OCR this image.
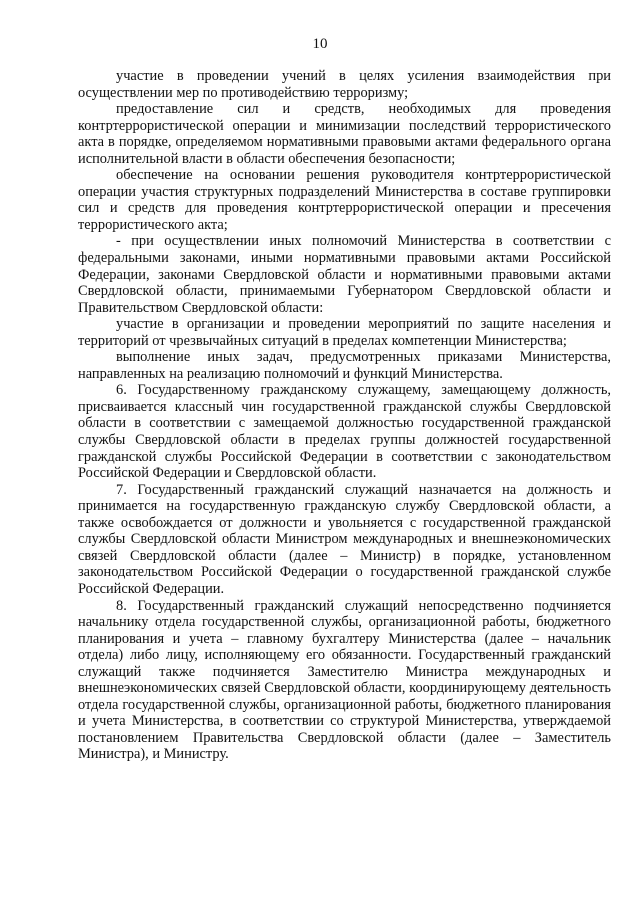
10

участие в проведении учений в целях усиления взаимодействия при осуществлении мер по противодействию терроризму;

предоставление сил и средств, необходимых для проведения контртеррористической операции и минимизации последствий террористического акта в порядке, определяемом нормативными правовыми актами федерального органа исполнительной власти в области обеспечения безопасности;

обеспечение на основании решения руководителя контртеррористической операции участия структурных подразделений Министерства в составе группировки сил и средств для проведения контртеррористической операции и пресечения террористического акта;

- при осуществлении иных полномочий Министерства в соответствии с федеральными законами, иными нормативными правовыми актами Российской Федерации, законами Свердловской области и нормативными правовыми актами Свердловской области, принимаемыми Губернатором Свердловской области и Правительством Свердловской области:

участие в организации и проведении мероприятий по защите населения и территорий от чрезвычайных ситуаций в пределах компетенции Министерства;

выполнение иных задач, предусмотренных приказами Министерства, направленных на реализацию полномочий и функций Министерства.

6. Государственному гражданскому служащему, замещающему должность, присваивается классный чин государственной гражданской службы Свердловской области в соответствии с замещаемой должностью государственной гражданской службы Свердловской области в пределах группы должностей государственной гражданской службы Российской Федерации в соответствии с законодательством Российской Федерации и Свердловской области.

7. Государственный гражданский служащий назначается на должность и принимается на государственную гражданскую службу Свердловской области, а также освобождается от должности и увольняется с государственной гражданской службы Свердловской области Министром международных и внешнеэкономических связей Свердловской области (далее – Министр) в порядке, установленном законодательством Российской Федерации о государственной гражданской службе Российской Федерации.

8. Государственный гражданский служащий непосредственно подчиняется начальнику отдела государственной службы, организационной работы, бюджетного планирования и учета – главному бухгалтеру Министерства (далее – начальник отдела) либо лицу, исполняющему его обязанности. Государственный гражданский служащий также подчиняется Заместителю Министра международных и внешнеэкономических связей Свердловской области, координирующему деятельность отдела государственной службы, организационной работы, бюджетного планирования и учета Министерства, в соответствии со структурой Министерства, утверждаемой постановлением Правительства Свердловской области (далее – Заместитель Министра), и Министру.
